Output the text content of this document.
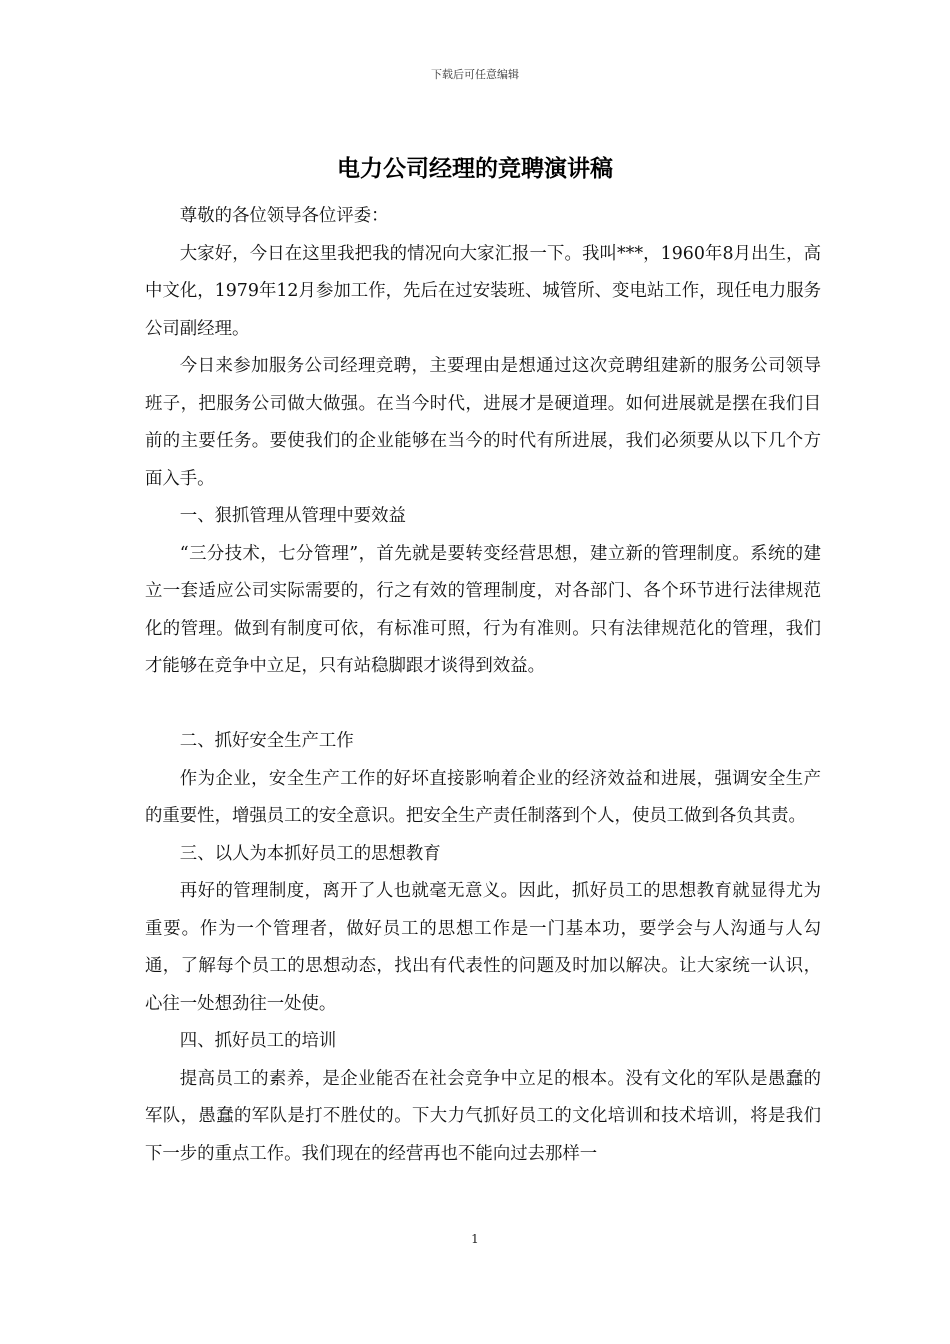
下载后可任意编辑
电力公司经理的竞聘演讲稿

尊敬的各位领导各位评委：

大家好，今日在这里我把我的情况向大家汇报一下。我叫***，1960年8月出生，高中文化，1979年12月参加工作，先后在过安装班、城管所、变电站工作，现任电力服务公司副经理。

今日来参加服务公司经理竞聘，主要理由是想通过这次竞聘组建新的服务公司领导班子，把服务公司做大做强。在当今时代，进展才是硬道理。如何进展就是摆在我们目前的主要任务。要使我们的企业能够在当今的时代有所进展，我们必须要从以下几个方面入手。

一、狠抓管理从管理中要效益

“三分技术，七分管理”，首先就是要转变经营思想，建立新的管理制度。系统的建立一套适应公司实际需要的，行之有效的管理制度，对各部门、各个环节进行法律规范化的管理。做到有制度可依，有标准可照，行为有准则。只有法律规范化的管理，我们才能够在竞争中立足，只有站稳脚跟才谈得到效益。

二、抓好安全生产工作

作为企业，安全生产工作的好坏直接影响着企业的经济效益和进展，强调安全生产的重要性，增强员工的安全意识。把安全生产责任制落到个人，使员工做到各负其责。

三、以人为本抓好员工的思想教育

再好的管理制度，离开了人也就毫无意义。因此，抓好员工的思想教育就显得尤为重要。作为一个管理者，做好员工的思想工作是一门基本功，要学会与人沟通与人勾通，了解每个员工的思想动态，找出有代表性的问题及时加以解决。让大家统一认识，心往一处想劲往一处使。

四、抓好员工的培训

提高员工的素养，是企业能否在社会竞争中立足的根本。没有文化的军队是愚蠢的军队，愚蠢的军队是打不胜仗的。下大力气抓好员工的文化培训和技术培训，将是我们下一步的重点工作。我们现在的经营再也不能向过去那样一

1
